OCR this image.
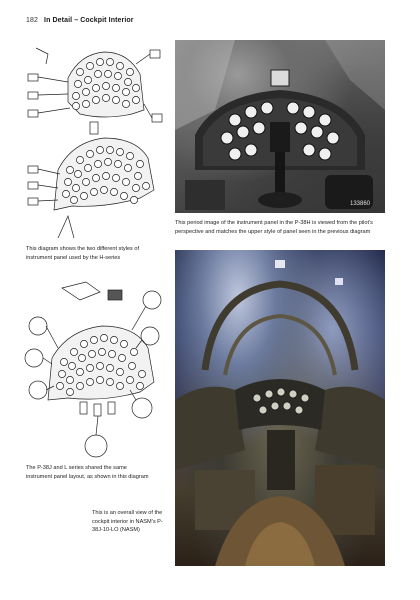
182 In Detail – Cockpit Interior
133860

This period image of the instrument panel in the P-38H is viewed from the pilot’s perspective and matches the upper style of panel seen in the previous diagram

This diagram shows the two different styles of instrument panel used by the H-series

The P-38J and L series shared the same instrument panel layout, as shown in this diagram

This is an overall view of the cockpit interior in NASM’s P-38J-10-LO (NASM)
